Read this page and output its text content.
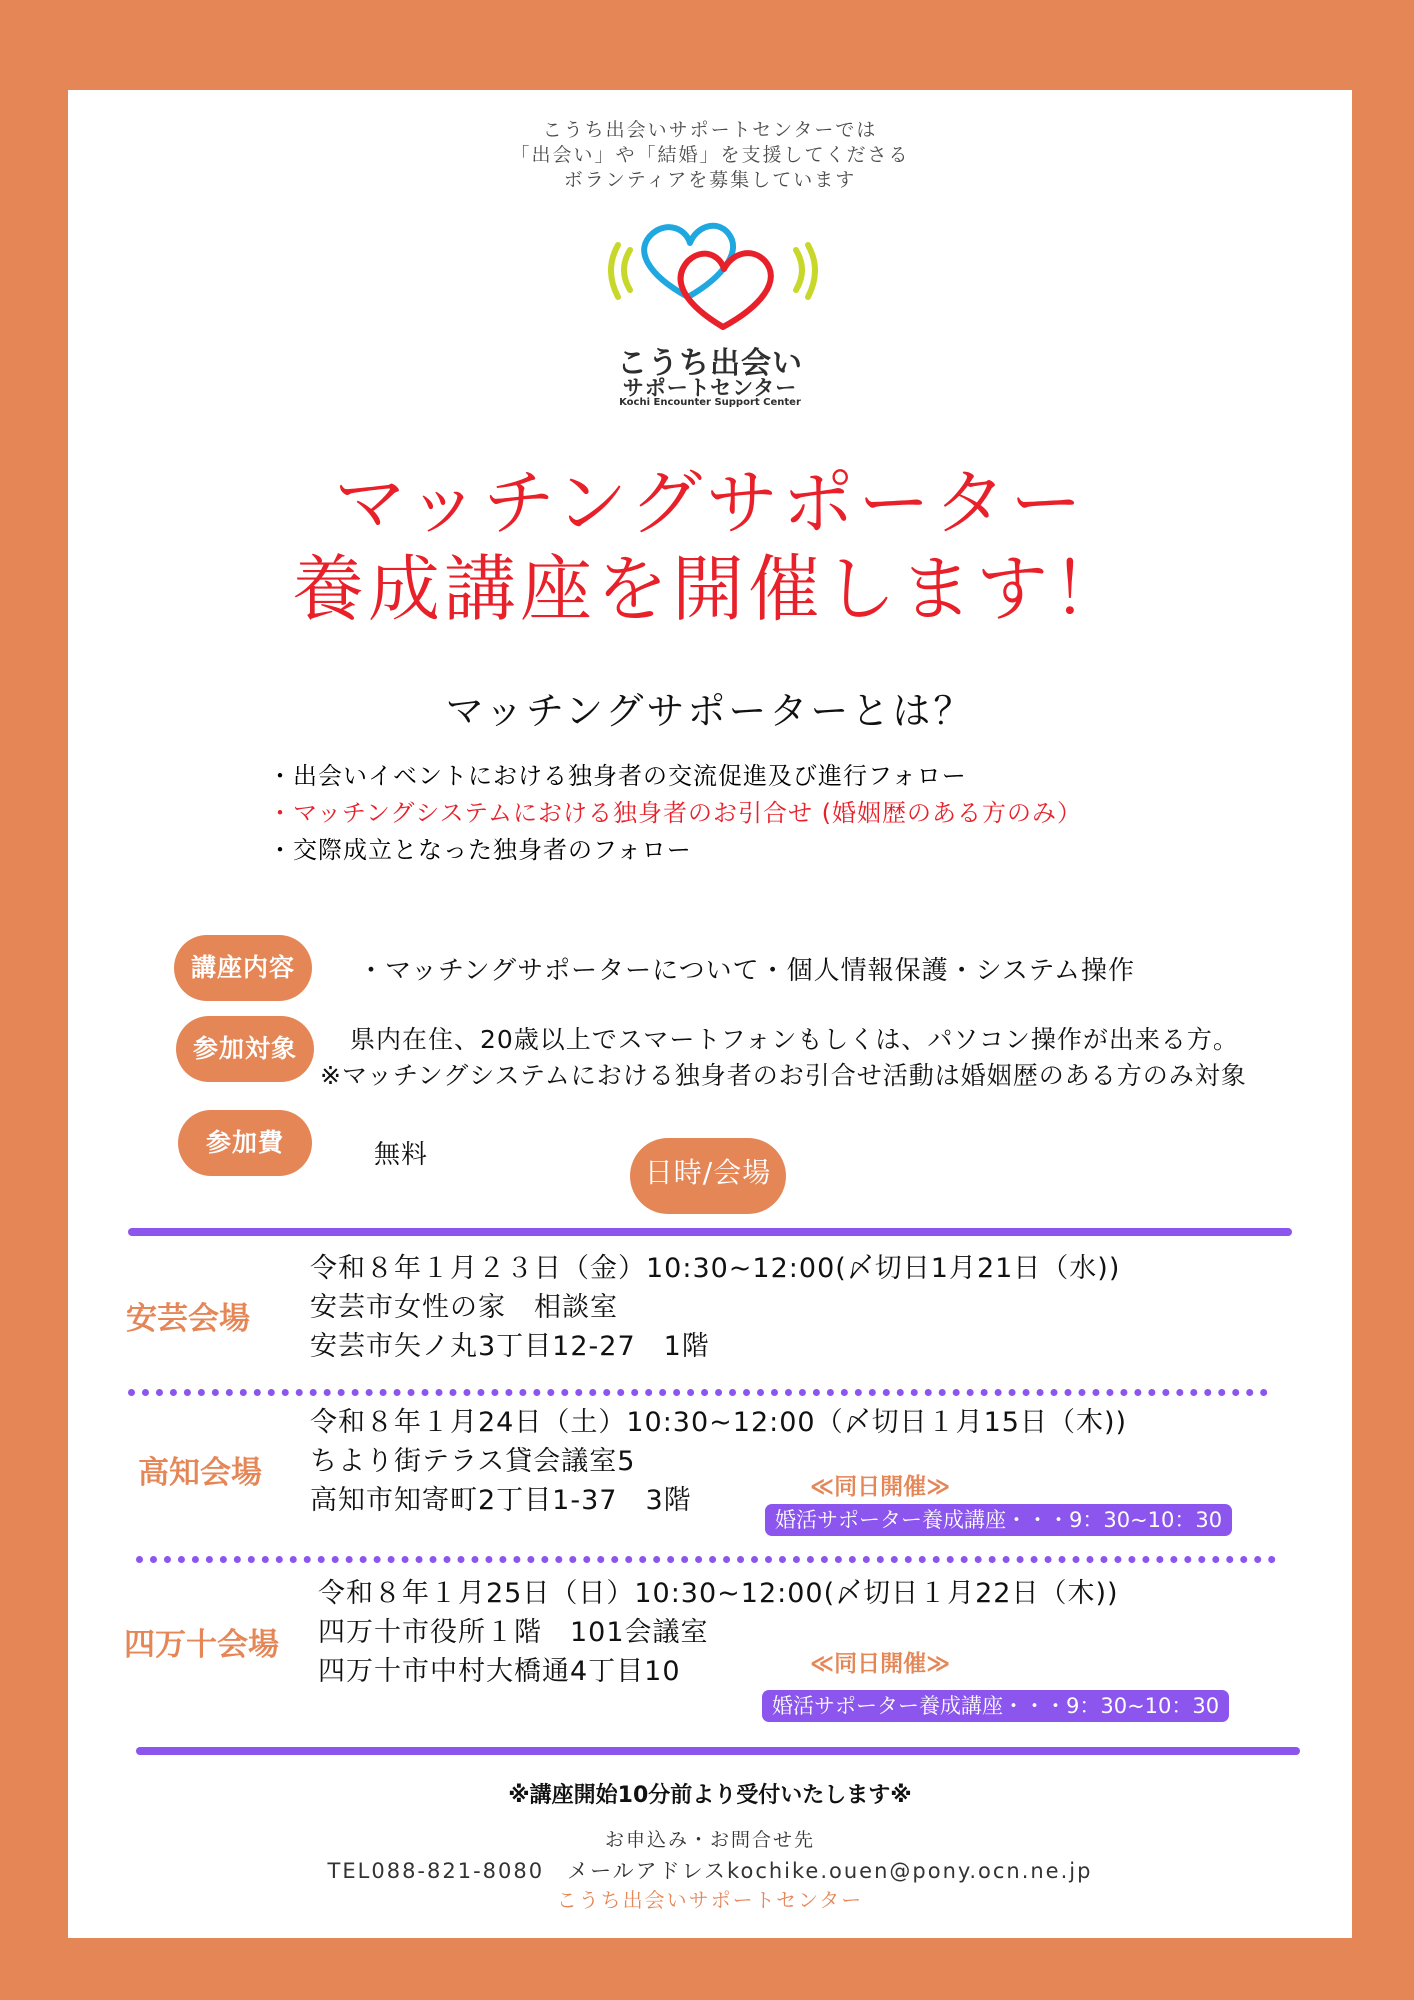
こうち出会いサポートセンターでは
「出会い」や「結婚」を支援してくださる
ボランティアを募集しています
こうち出会い
サポートセンター
Kochi Encounter Support Center
マッチングサポーター
養成講座を開催します！
マッチングサポーターとは？
・出会いイベントにおける独身者の交流促進及び進行フォロー
・マッチングシステムにおける独身者のお引合せ (婚姻歴のある方のみ）
・交際成立となった独身者のフォロー
講座内容	・マッチングサポーターについて・個人情報保護・システム操作
参加対象	県内在住、20歳以上でスマートフォンもしくは、パソコン操作が出来る方。
※マッチングシステムにおける独身者のお引合せ活動は婚姻歴のある方のみ対象
参加費	無料
日時/会場
安芸会場
令和８年１月２３日（金）10:30~12:00(〆切日1月21日（水))
安芸市女性の家　相談室
安芸市矢ノ丸3丁目12-27　1階
高知会場
令和８年１月24日（土）10:30~12:00（〆切日１月15日（木))
ちより街テラス貸会議室5
高知市知寄町2丁目1-37　3階	≪同日開催≫
婚活サポーター養成講座・・・9：30~10：30
四万十会場
令和８年１月25日（日）10:30~12:00(〆切日１月22日（木))
四万十市役所１階　101会議室
四万十市中村大橋通4丁目10	≪同日開催≫
婚活サポーター養成講座・・・9：30~10：30
※講座開始10分前より受付いたします※
お申込み・お問合せ先
TEL088-821-8080　メールアドレスkochike.ouen@pony.ocn.ne.jp
こうち出会いサポートセンター
